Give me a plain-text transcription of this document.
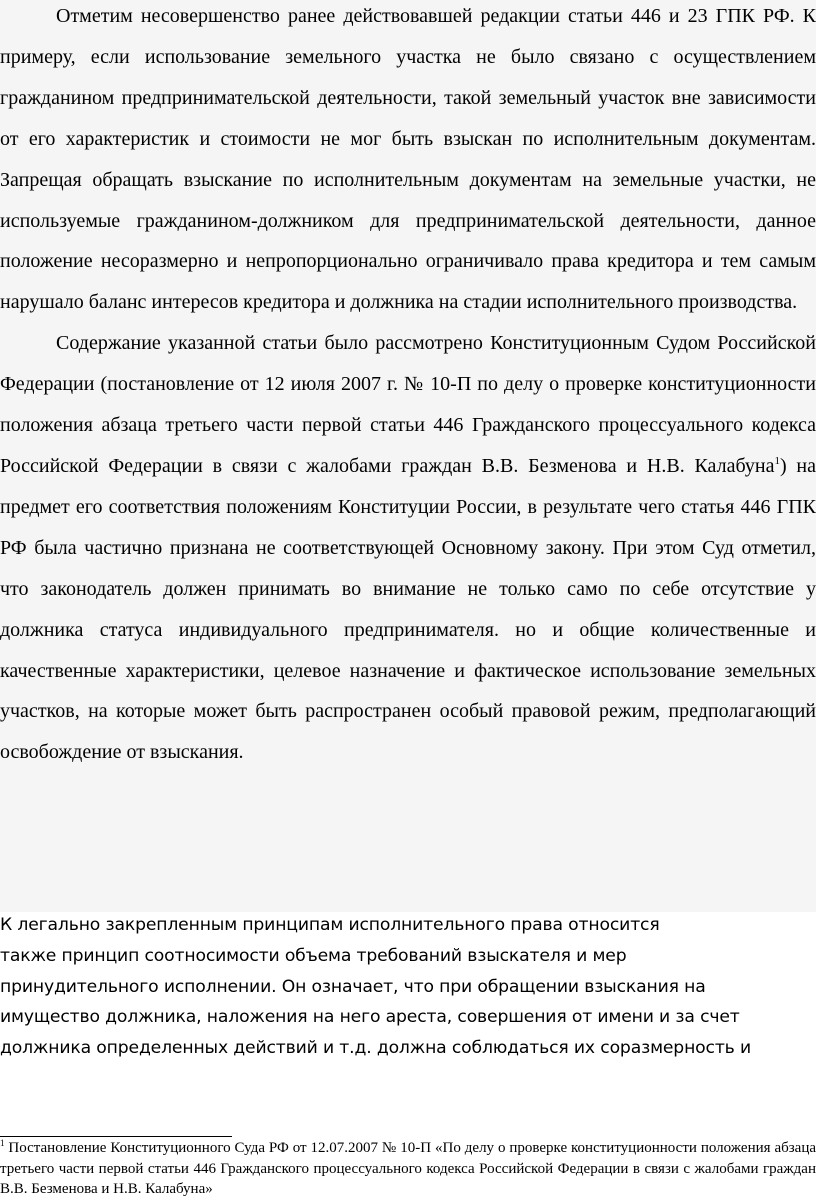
Отметим несовершенство ранее действовавшей редакции статьи 446 и 23 ГПК РФ. К примеру, если использование земельного участка не было связано с осуществлением гражданином предпринимательской деятельности, такой земельный участок вне зависимости от его характеристик и стоимости не мог быть взыскан по исполнительным документам. Запрещая обращать взыскание по исполнительным документам на земельные участки, не используемые гражданином-должником для предпринимательской деятельности, данное положение несоразмерно и непропорционально ограничивало права кредитора и тем самым нарушало баланс интересов кредитора и должника на стадии исполнительного производства.

Содержание указанной статьи было рассмотрено Конституционным Судом Российской Федерации (постановление от 12 июля 2007 г. № 10-П по делу о проверке конституционности положения абзаца третьего части первой статьи 446 Гражданского процессуального кодекса Российской Федерации в связи с жалобами граждан В.В. Безменова и Н.В. Калабуна$^1$) на предмет его соответствия положениям Конституции России, в результате чего статья 446 ГПК РФ была частично признана не соответствующей Основному закону. При этом Суд отметил, что законодатель должен принимать во внимание не только само по себе отсутствие у должника статуса индивидуального предпринимателя. но и общие количественные и качественные характеристики, целевое назначение и фактическое использование земельных участков, на которые может быть распространен особый правовой режим, предполагающий освобождение от взыскания.

К легально закрепленным принципам исполнительного права относится
также принцип соотносимости объема требований взыскателя и мер
принудительного исполнении. Он означает, что при обращении взыскания на
имущество должника, наложения на него ареста, совершения от имени и за счет
должника определенных действий и т.д. должна соблюдаться их соразмерность и
$^1$ Постановление Конституционного Суда РФ от 12.07.2007 № 10-П «По делу о проверке конституционности положения абзаца третьего части первой статьи 446 Гражданского процессуального кодекса Российской Федерации в связи с жалобами граждан В.В. Безменова и Н.В. Калабуна»
